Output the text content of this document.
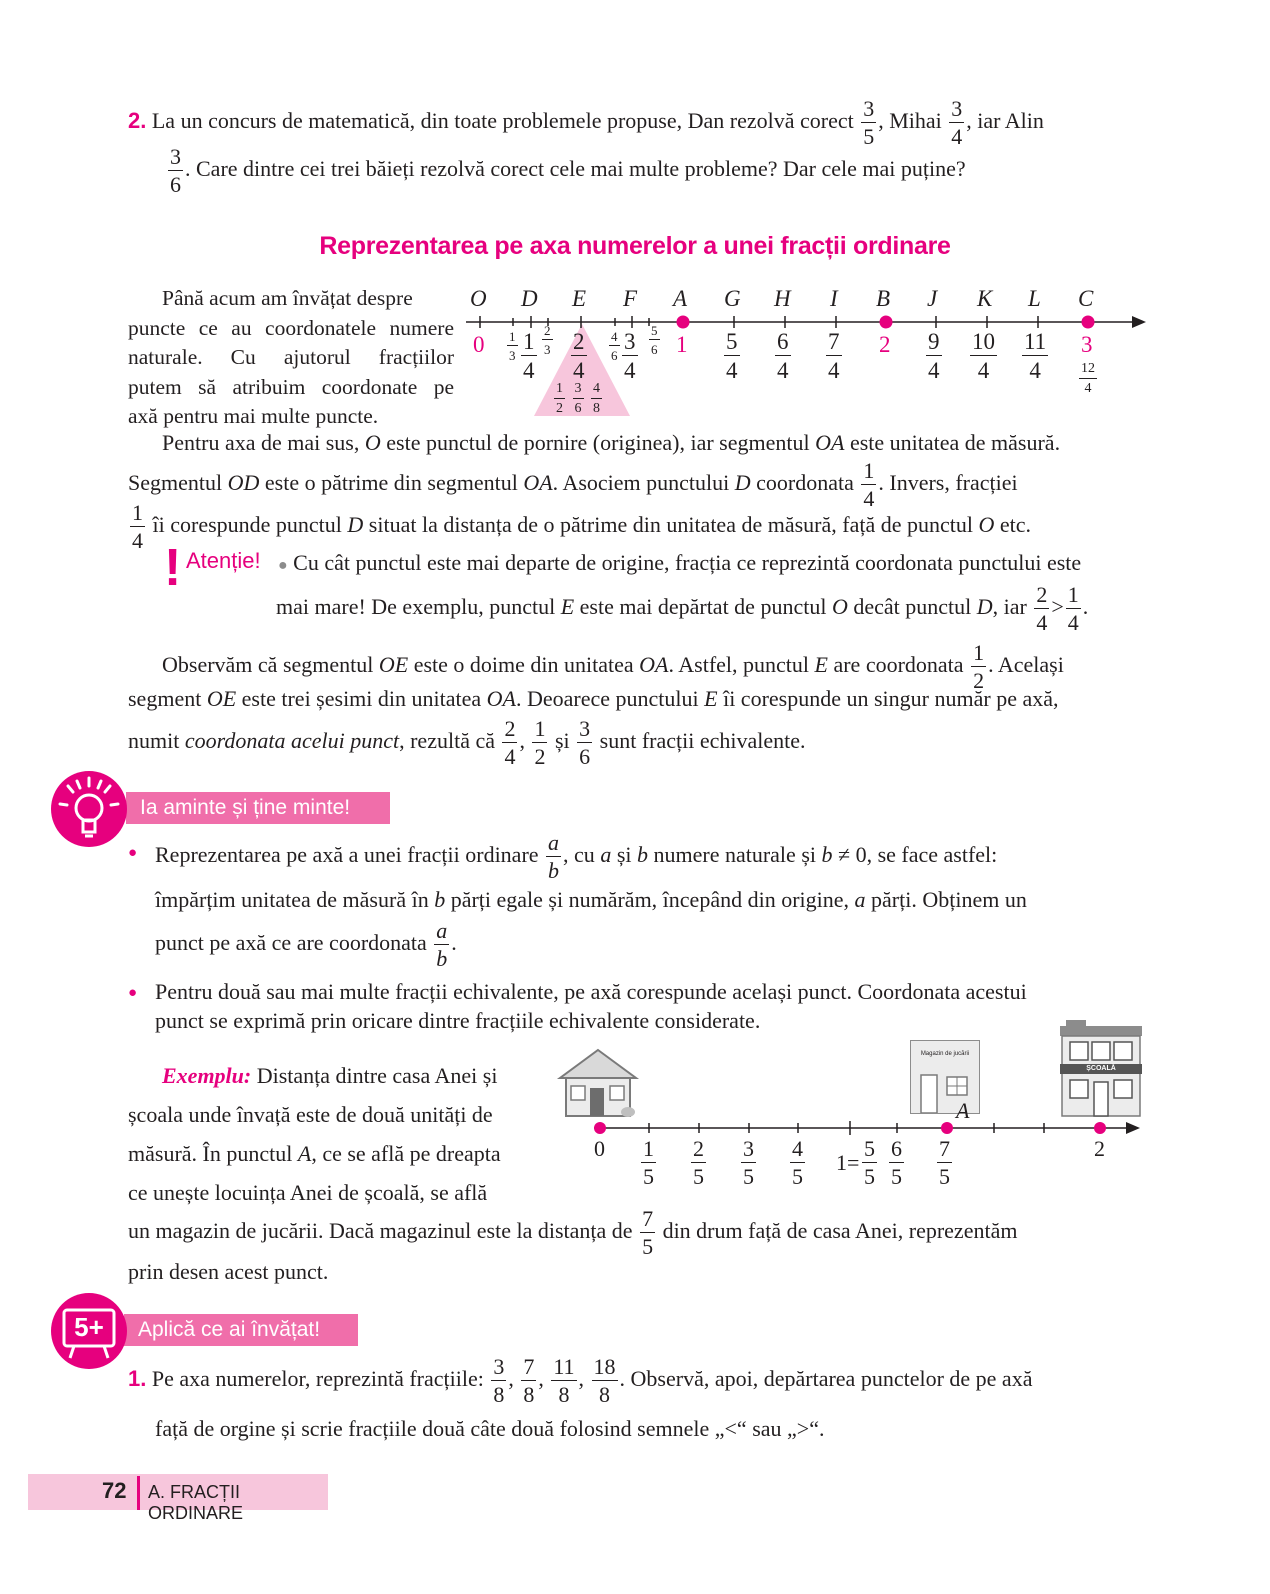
2. La un concurs de matematică, din toate problemele propuse, Dan rezolvă corect $\frac{3}{5}$ , Mihai $\frac{3}{4}$ , iar Alin
$\frac{3}{6}$ . Care dintre cei trei băieți rezolvă corect cele mai multe probleme? Dar cele mai puține?
Reprezentarea pe axa numerelor a unei fracții ordinare
Până acum am învățat despre
puncte ce au coordonatele numere
naturale. Cu ajutorul fracțiilor
putem să atribuim coordonate pe
axă pentru mai multe puncte.
O D E F A G H I B J K L C
0	1	2	3
$\frac{1}{4} \frac{2}{4} \frac{3}{4}$	$\frac{5}{4} \frac{6}{4} \frac{7}{4}$	$\frac{9}{4} \frac{10}{4} \frac{11}{4}$
$\frac{1}{3} \frac{2}{3}$	$\frac{4}{6} \frac{5}{6}$
$\frac{1}{2}$
$\frac{3}{6}$
$\frac{4}{8}$
$\frac{12}{4}$
Pentru axa de mai sus, O este punctul de pornire (originea), iar segmentul OA este unitatea de măsură.
Segmentul OD este o pătrime din segmentul OA. Asociem punctului D coordonata $\frac{1}{4}$ . Invers, fracției
$\frac{1}{4}$ îi corespunde punctul D situat la distanța de o pătrime din unitatea de măsură, față de punctul O etc.
! Atenție! ● Cu cât punctul este mai departe de origine, fracția ce reprezintă coordonata punctului este
mai mare! De exemplu, punctul E este mai depărtat de punctul O decât punctul D, iar $\frac{2}{4} > \frac{1}{4}$ .
Observăm că segmentul OE este o doime din unitatea OA. Astfel, punctul E are coordonata $\frac{1}{2}$ . Același
segment OE este trei șesimi din unitatea OA. Deoarece punctului E îi corespunde un singur număr pe axă,
numit coordonata acelui punct, rezultă că $\frac{2}{4}$ , $\frac{1}{2}$ și $\frac{3}{6}$ sunt fracții echivalente.
Ia aminte și ține minte!
● Reprezentarea pe axă a unei fracții ordinare $\frac{a}{b}$ , cu a și b numere naturale și b ≠ 0, se face astfel:
împărțim unitatea de măsură în b părți egale și numărăm, începând din origine, a părți. Obținem un
punct pe axă ce are coordonata $\frac{a}{b}$ .
● Pentru două sau mai multe fracții echivalente, pe axă corespunde același punct. Coordonata acestui
punct se exprimă prin oricare dintre fracțiile echivalente considerate.
Exemplu: Distanța dintre casa Anei și
școala unde învață este de două unități de
măsură. În punctul A, ce se află pe dreapta
ce unește locuința Anei de școală, se află
un magazin de jucării. Dacă magazinul este la distanța de $\frac{7}{5}$ din drum față de casa Anei, reprezentăm
prin desen acest punct.
Magazin de jucării
ȘCOALĂ
A
0	2
$\frac{1}{5} \frac{2}{5} \frac{3}{5} \frac{4}{5} 1= \frac{5}{5} \frac{6}{5} \frac{7}{5}$
Aplică ce ai învățat!
5+
1. Pe axa numerelor, reprezintă fracțiile: $\frac{3}{8}$ , $\frac{7}{8}$ , $\frac{11}{8}$ , $\frac{18}{8}$ . Observă, apoi, depărtarea punctelor de pe axă
față de orgine și scrie fracțiile două câte două folosind semnele „<“ sau „>“.
72 A. FRACȚII ORDINARE
